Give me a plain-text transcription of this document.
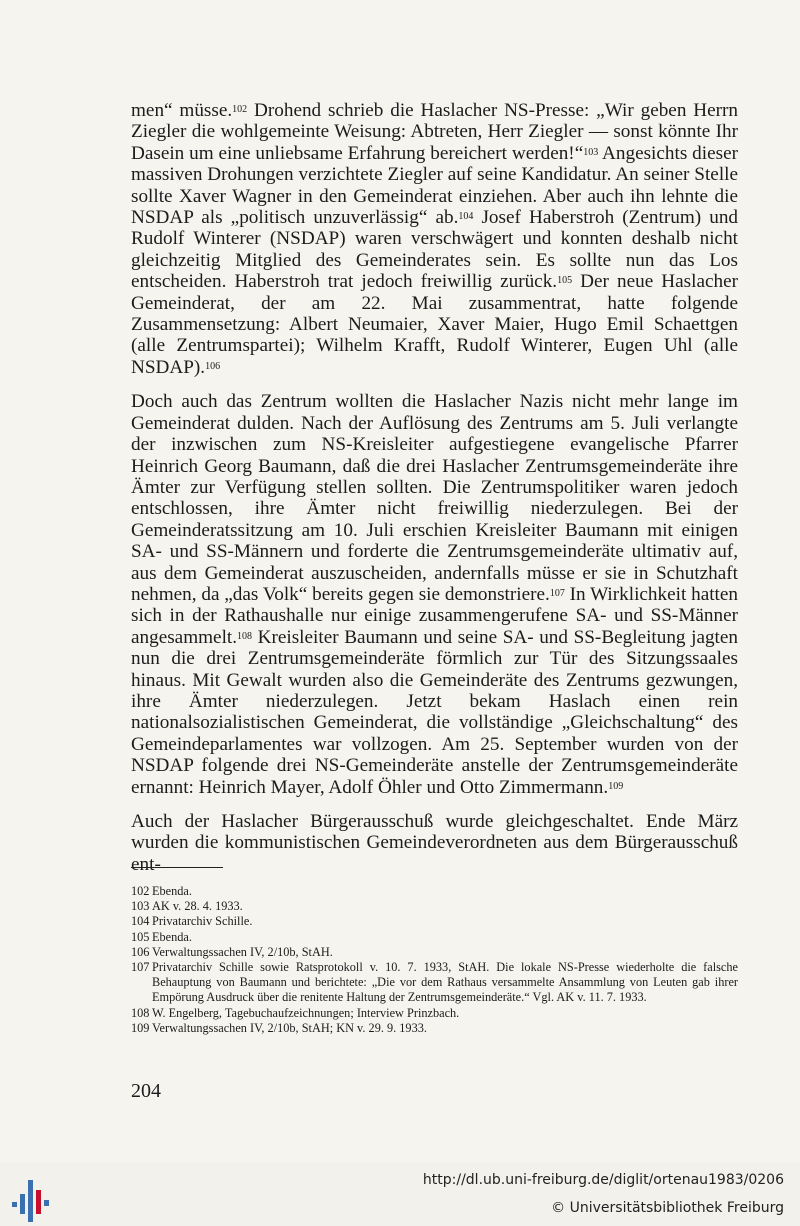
men“ müsse.$^{102}$ Drohend schrieb die Haslacher NS-Presse: „Wir geben Herrn Ziegler die wohlgemeinte Weisung: Abtreten, Herr Ziegler — sonst könnte Ihr Dasein um eine unliebsame Erfahrung bereichert werden!“$^{103}$ Angesichts dieser massiven Drohungen verzichtete Ziegler auf seine Kandidatur. An seiner Stelle sollte Xaver Wagner in den Gemeinderat einziehen. Aber auch ihn lehnte die NSDAP als „politisch unzuverlässig“ ab.$^{104}$ Josef Haberstroh (Zentrum) und Rudolf Winterer (NSDAP) waren verschwägert und konnten deshalb nicht gleichzeitig Mitglied des Gemeinderates sein. Es sollte nun das Los entscheiden. Haberstroh trat jedoch freiwillig zurück.$^{105}$ Der neue Haslacher Gemeinderat, der am 22. Mai zusammentrat, hatte folgende Zusammensetzung: Albert Neumaier, Xaver Maier, Hugo Emil Schaettgen (alle Zentrumspartei); Wilhelm Krafft, Rudolf Winterer, Eugen Uhl (alle NSDAP).$^{106}$

Doch auch das Zentrum wollten die Haslacher Nazis nicht mehr lange im Gemeinderat dulden. Nach der Auflösung des Zentrums am 5. Juli verlangte der inzwischen zum NS-Kreisleiter aufgestiegene evangelische Pfarrer Heinrich Georg Baumann, daß die drei Haslacher Zentrumsgemeinderäte ihre Ämter zur Verfügung stellen sollten. Die Zentrumspolitiker waren jedoch entschlossen, ihre Ämter nicht freiwillig niederzulegen. Bei der Gemeinderatssitzung am 10. Juli erschien Kreisleiter Baumann mit einigen SA- und SS-Männern und forderte die Zentrumsgemeinderäte ultimativ auf, aus dem Gemeinderat auszuscheiden, andernfalls müsse er sie in Schutzhaft nehmen, da „das Volk“ bereits gegen sie demonstriere.$^{107}$ In Wirklichkeit hatten sich in der Rathaushalle nur einige zusammengerufene SA- und SS-Männer angesammelt.$^{108}$ Kreisleiter Baumann und seine SA- und SS-Begleitung jagten nun die drei Zentrumsgemeinderäte förmlich zur Tür des Sitzungssaales hinaus. Mit Gewalt wurden also die Gemeinderäte des Zentrums gezwungen, ihre Ämter niederzulegen. Jetzt bekam Haslach einen rein nationalsozialistischen Gemeinderat, die vollständige „Gleichschaltung“ des Gemeindeparlamentes war vollzogen. Am 25. September wurden von der NSDAP folgende drei NS-Gemeinderäte anstelle der Zentrumsgemeinderäte ernannt: Heinrich Mayer, Adolf Öhler und Otto Zimmermann.$^{109}$

Auch der Haslacher Bürgerausschuß wurde gleichgeschaltet. Ende März wurden die kommunistischen Gemeindeverordneten aus dem Bürgerausschuß ent-

102 Ebenda.
103 AK v. 28. 4. 1933.
104 Privatarchiv Schille.
105 Ebenda.
106 Verwaltungssachen IV, 2/10b, StAH.
107 Privatarchiv Schille sowie Ratsprotokoll v. 10. 7. 1933, StAH. Die lokale NS-Presse wiederholte die falsche Behauptung von Baumann und berichtete: „Die vor dem Rathaus versammelte Ansammlung von Leuten gab ihrer Empörung Ausdruck über die renitente Haltung der Zentrumsgemeinderäte.“ Vgl. AK v. 11. 7. 1933.
108 W. Engelberg, Tagebuchaufzeichnungen; Interview Prinzbach.
109 Verwaltungssachen IV, 2/10b, StAH; KN v. 29. 9. 1933.
204
http://dl.ub.uni-freiburg.de/diglit/ortenau1983/0206
© Universitätsbibliothek Freiburg
